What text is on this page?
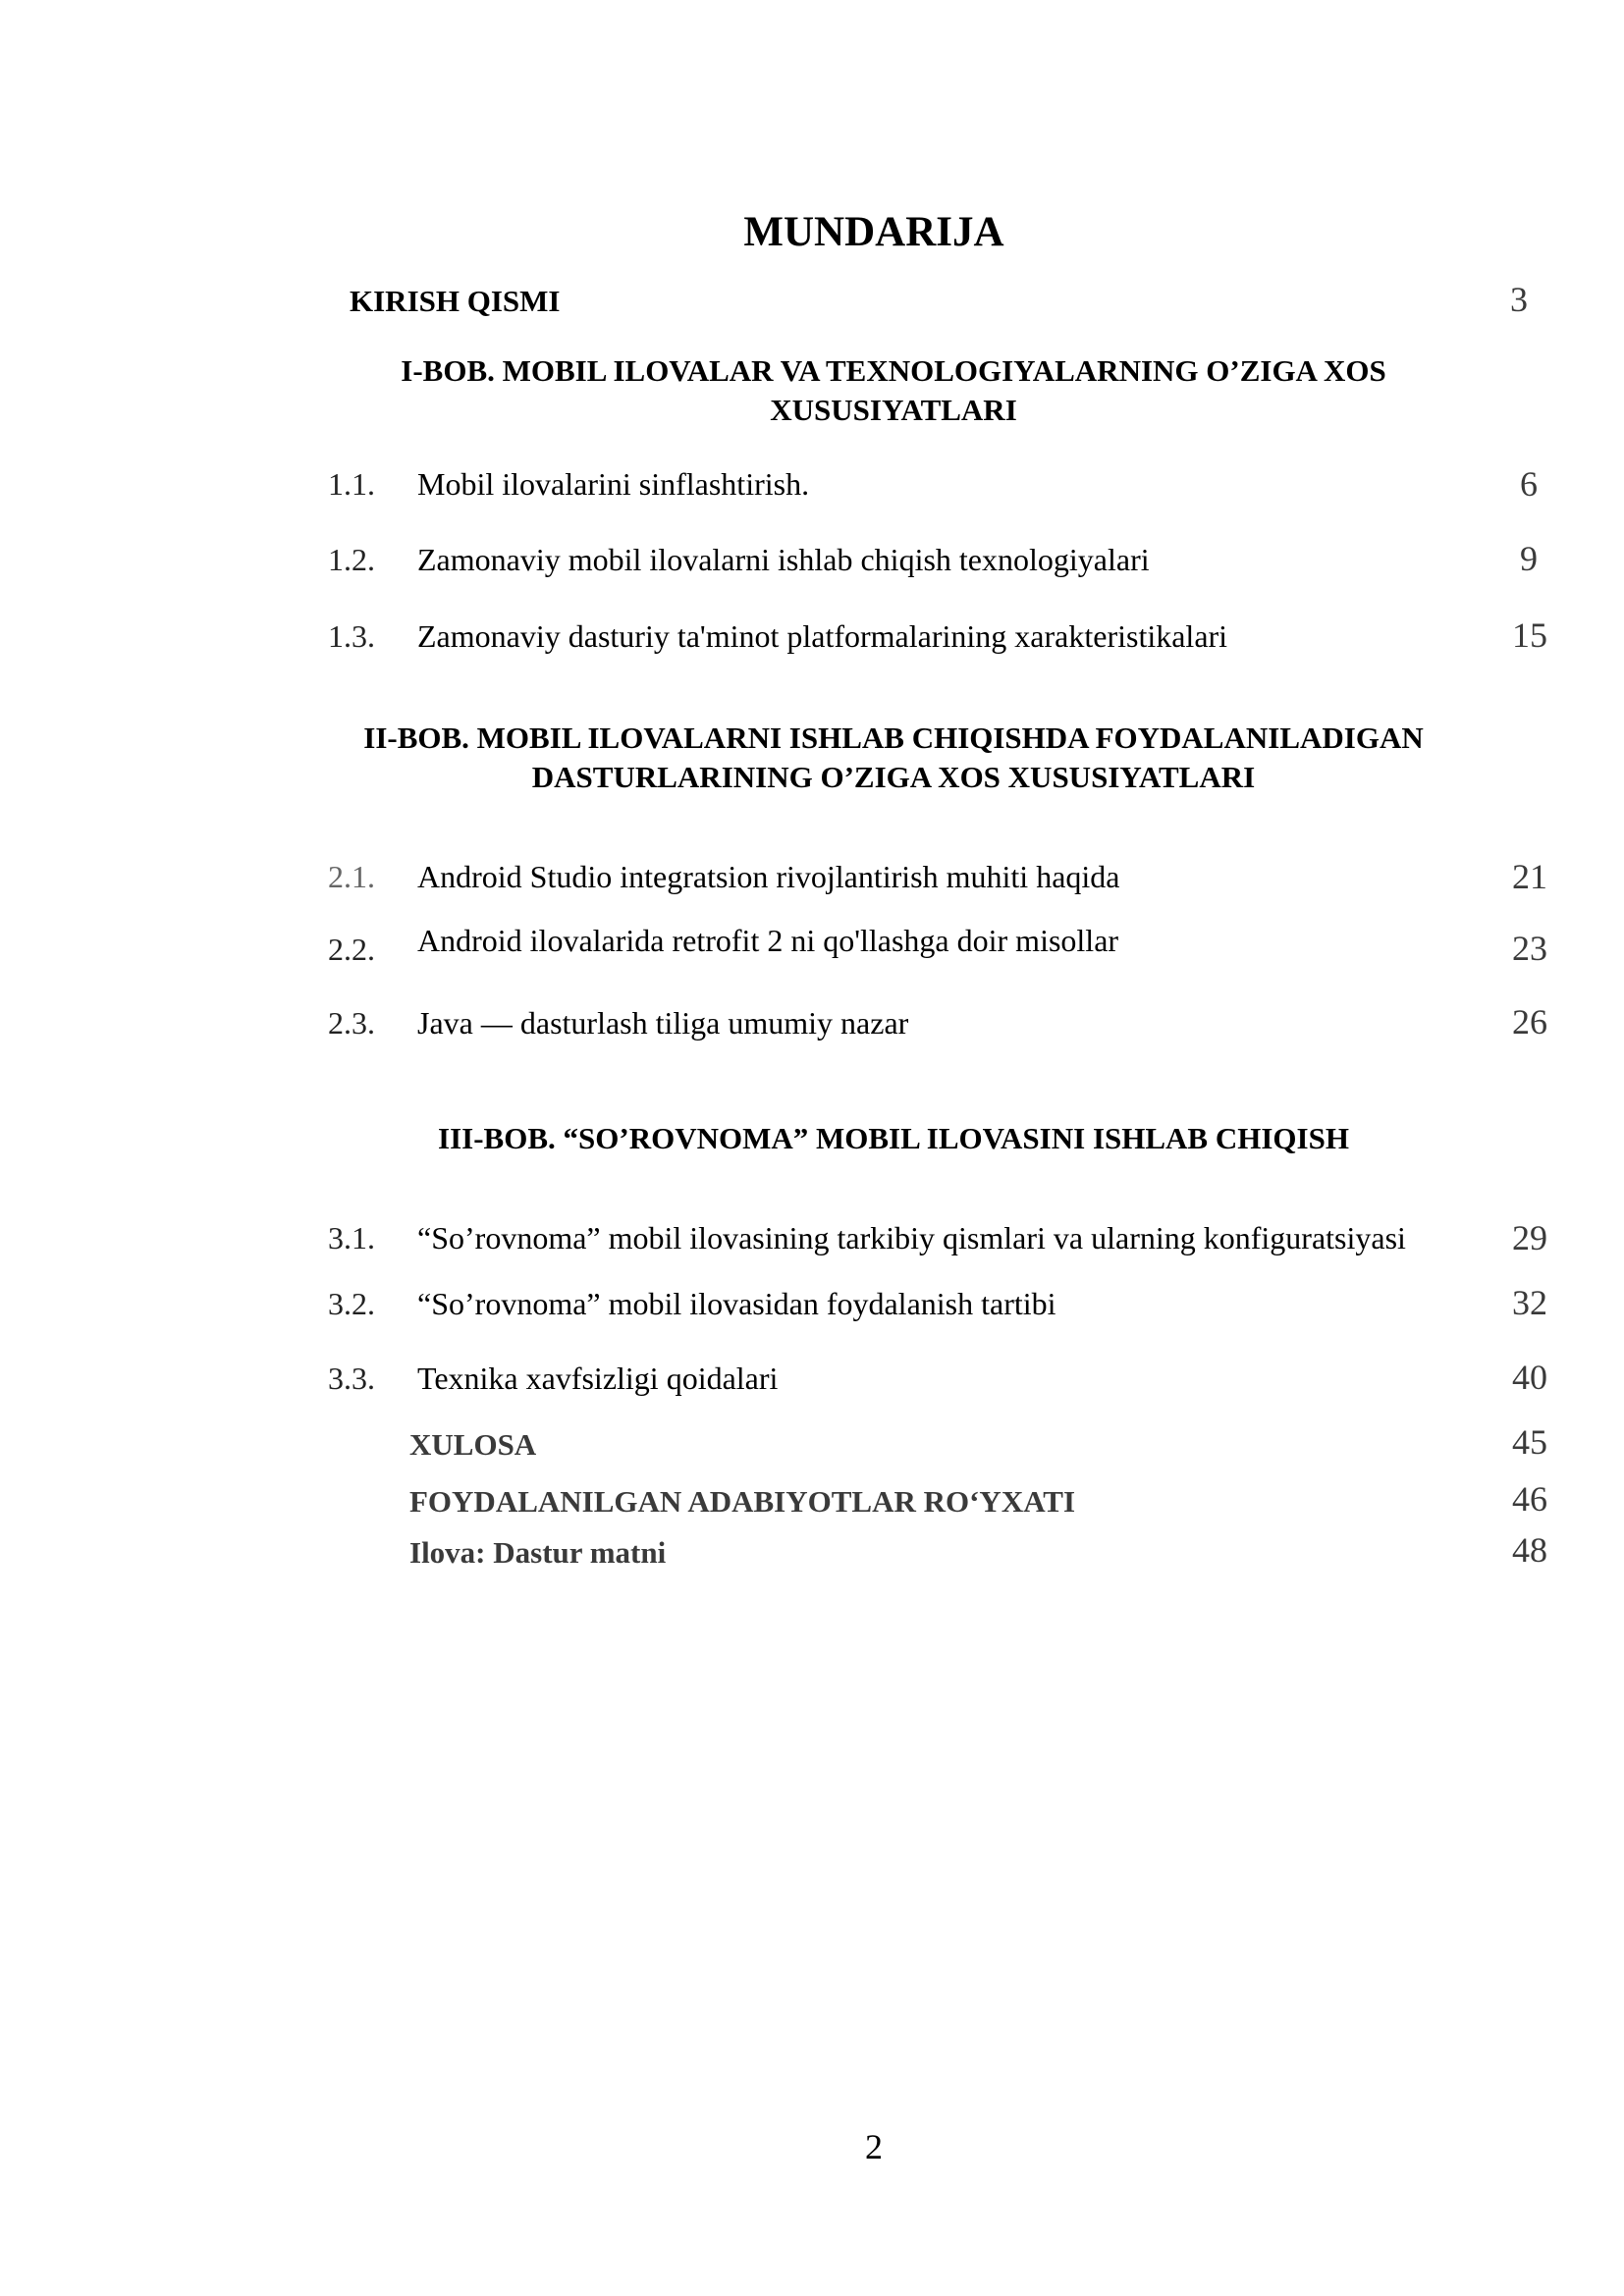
MUNDARIJA
KIRISH QISMI	3
I-BOB. MOBIL ILOVALAR VA TEXNOLOGIYALARNING O’ZIGA XOS
XUSUSIYATLARI
1.1. Mobil ilovalarini sinflashtirish.	6
1.2. Zamonaviy mobil ilovalarni ishlab chiqish texnologiyalari	9
1.3. Zamonaviy dasturiy ta'minot platformalarining xarakteristikalari	15
II-BOB. MOBIL ILOVALARNI ISHLAB CHIQISHDA FOYDALANILADIGAN
DASTURLARINING O’ZIGA XOS XUSUSIYATLARI
2.1. Android Studio integratsion rivojlantirish muhiti haqida	21
2.2. Android ilovalarida retrofit 2 ni qo'llashga doir misollar	23
2.3. Java — dasturlash tiliga umumiy nazar	26
III-BOB. “SO’ROVNOMA” MOBIL ILOVASINI ISHLAB CHIQISH
3.1. “So’rovnoma” mobil ilovasining tarkibiy qismlari va ularning konfiguratsiyasi	29
3.2. “So’rovnoma” mobil ilovasidan foydalanish tartibi	32
3.3. Texnika xavfsizligi qoidalari	40
XULOSA	45
FOYDALANILGAN ADABIYOTLAR RO‘YXATI	46
Ilova: Dastur matni	48
2
